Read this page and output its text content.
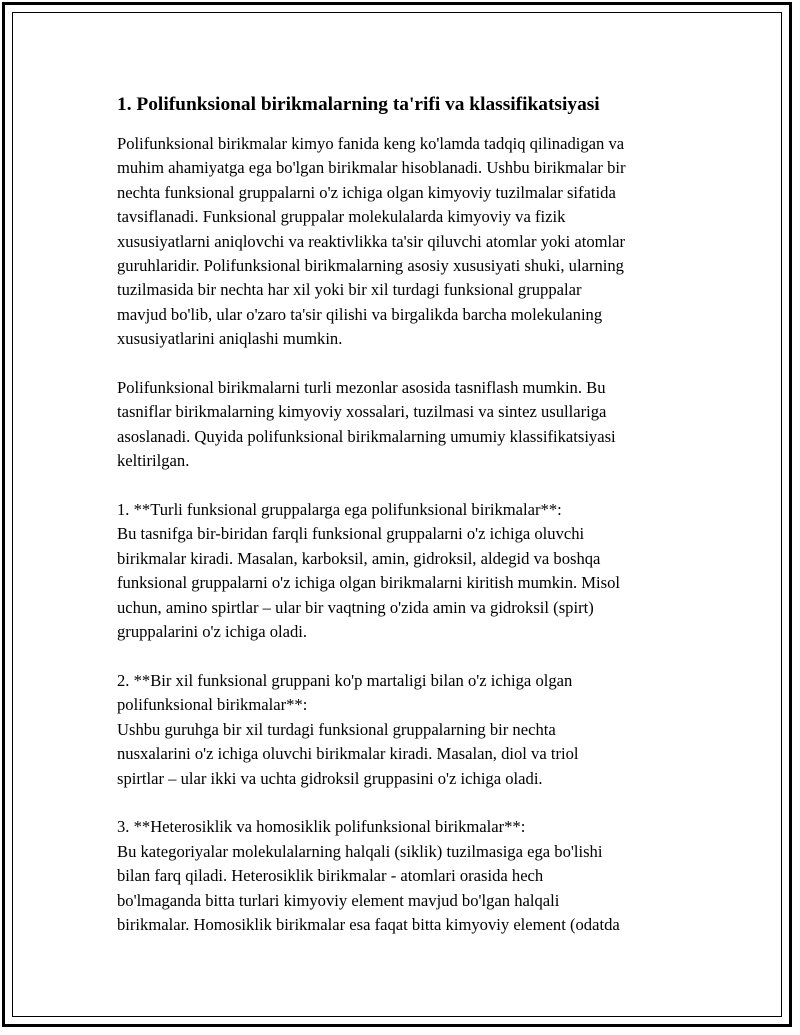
1. Polifunksional birikmalarning ta'rifi va klassifikatsiyasi

Polifunksional birikmalar kimyo fanida keng ko'lamda tadqiq qilinadigan va
muhim ahamiyatga ega bo'lgan birikmalar hisoblanadi. Ushbu birikmalar bir
nechta funksional gruppalarni o'z ichiga olgan kimyoviy tuzilmalar sifatida
tavsiflanadi. Funksional gruppalar molekulalarda kimyoviy va fizik
xususiyatlarni aniqlovchi va reaktivlikka ta'sir qiluvchi atomlar yoki atomlar
guruhlaridir. Polifunksional birikmalarning asosiy xususiyati shuki, ularning
tuzilmasida bir nechta har xil yoki bir xil turdagi funksional gruppalar
mavjud bo'lib, ular o'zaro ta'sir qilishi va birgalikda barcha molekulaning
xususiyatlarini aniqlashi mumkin.

Polifunksional birikmalarni turli mezonlar asosida tasniflash mumkin. Bu
tasniflar birikmalarning kimyoviy xossalari, tuzilmasi va sintez usullariga
asoslanadi. Quyida polifunksional birikmalarning umumiy klassifikatsiyasi
keltirilgan.

1. **Turli funksional gruppalarga ega polifunksional birikmalar**:
Bu tasnifga bir-biridan farqli funksional gruppalarni o'z ichiga oluvchi
birikmalar kiradi. Masalan, karboksil, amin, gidroksil, aldegid va boshqa
funksional gruppalarni o'z ichiga olgan birikmalarni kiritish mumkin. Misol
uchun, amino spirtlar – ular bir vaqtning o'zida amin va gidroksil (spirt)
gruppalarini o'z ichiga oladi.

2. **Bir xil funksional gruppani ko'p martaligi bilan o'z ichiga olgan
polifunksional birikmalar**:
Ushbu guruhga bir xil turdagi funksional gruppalarning bir nechta
nusxalarini o'z ichiga oluvchi birikmalar kiradi. Masalan, diol va triol
spirtlar – ular ikki va uchta gidroksil gruppasini o'z ichiga oladi.

3. **Heterosiklik va homosiklik polifunksional birikmalar**:
Bu kategoriyalar molekulalarning halqali (siklik) tuzilmasiga ega bo'lishi
bilan farq qiladi. Heterosiklik birikmalar - atomlari orasida hech
bo'lmaganda bitta turlari kimyoviy element mavjud bo'lgan halqali
birikmalar. Homosiklik birikmalar esa faqat bitta kimyoviy element (odatda
